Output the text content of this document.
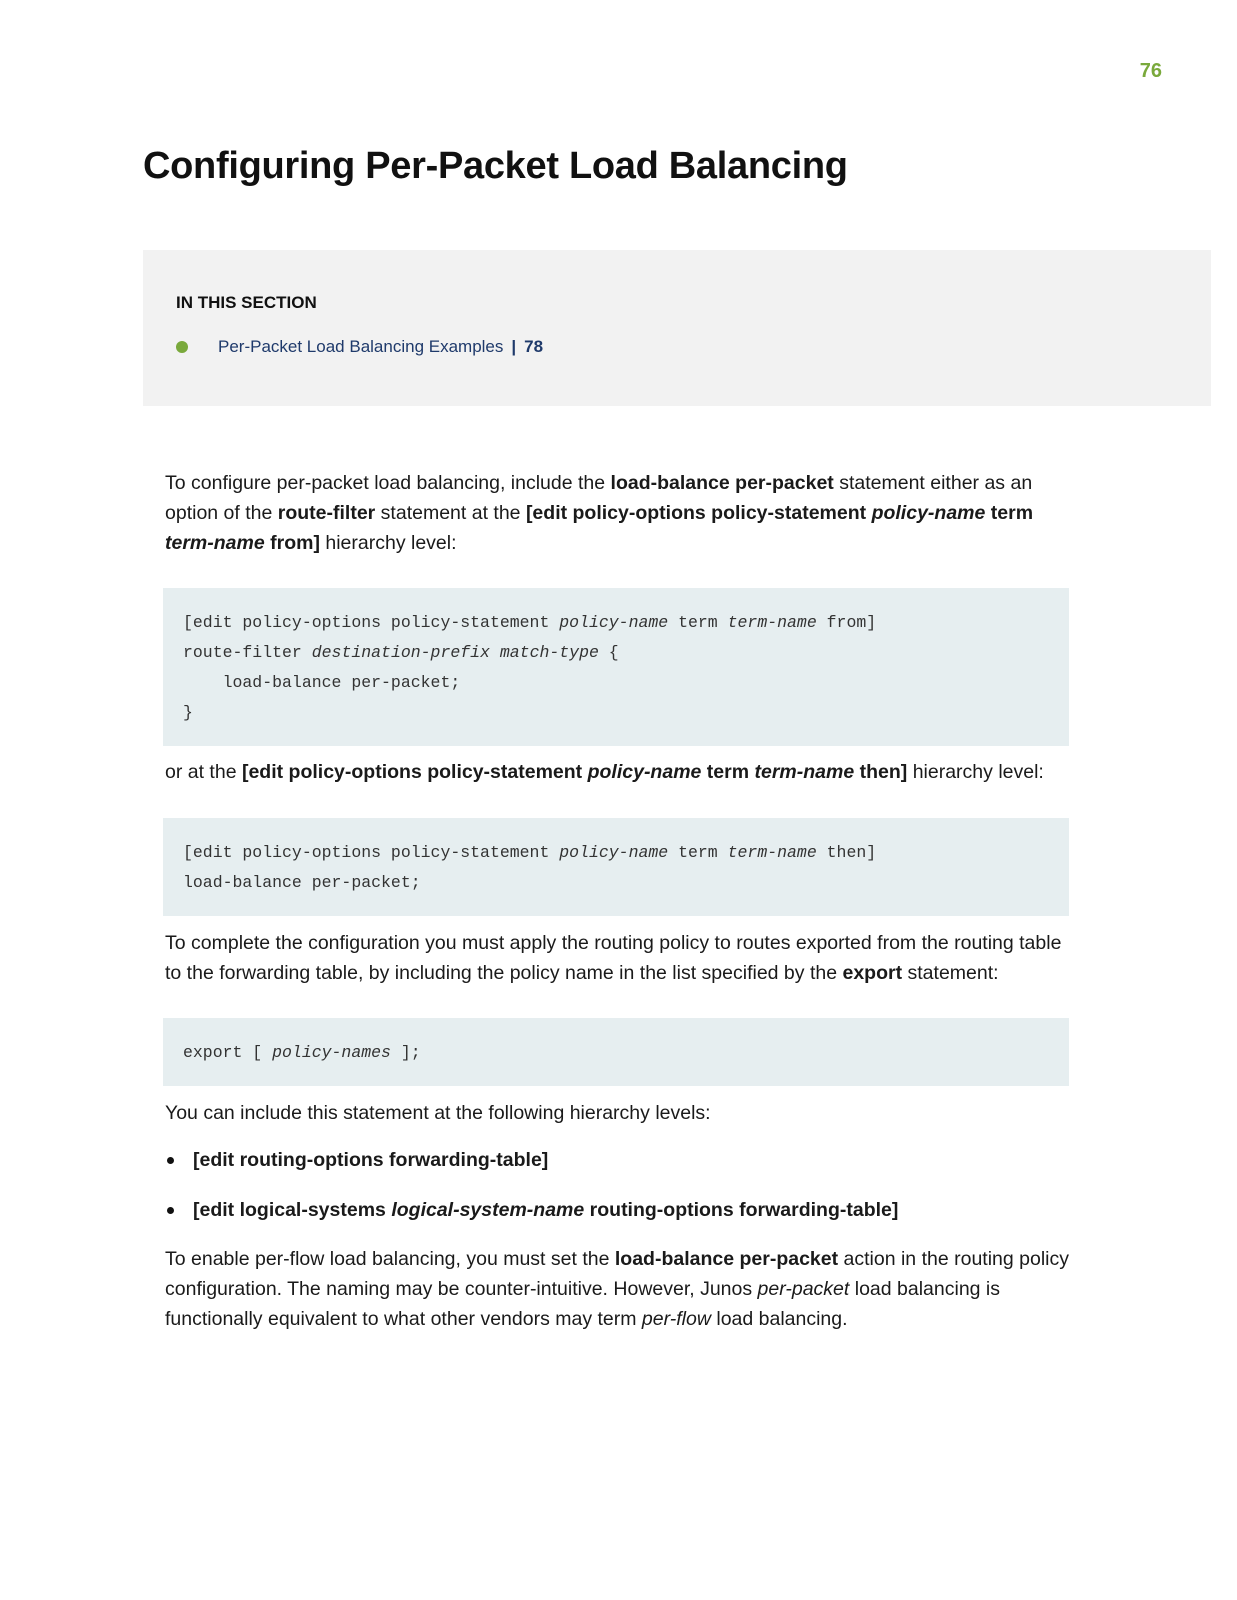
76
Configuring Per-Packet Load Balancing
IN THIS SECTION
Per-Packet Load Balancing Examples | 78

To configure per-packet load balancing, include the load-balance per-packet statement either as an option of the route-filter statement at the [edit policy-options policy-statement policy-name term term-name from] hierarchy level:

[edit policy-options policy-statement policy-name term term-name from]
route-filter destination-prefix match-type {
load-balance per-packet;
}

or at the [edit policy-options policy-statement policy-name term term-name then] hierarchy level:

[edit policy-options policy-statement policy-name term term-name then]
load-balance per-packet;

To complete the configuration you must apply the routing policy to routes exported from the routing table to the forwarding table, by including the policy name in the list specified by the export statement:

export [ policy-names ];

You can include this statement at the following hierarchy levels:

[edit routing-options forwarding-table]
[edit logical-systems logical-system-name routing-options forwarding-table]

To enable per-flow load balancing, you must set the load-balance per-packet action in the routing policy configuration. The naming may be counter-intuitive. However, Junos per-packet load balancing is functionally equivalent to what other vendors may term per-flow load balancing.
